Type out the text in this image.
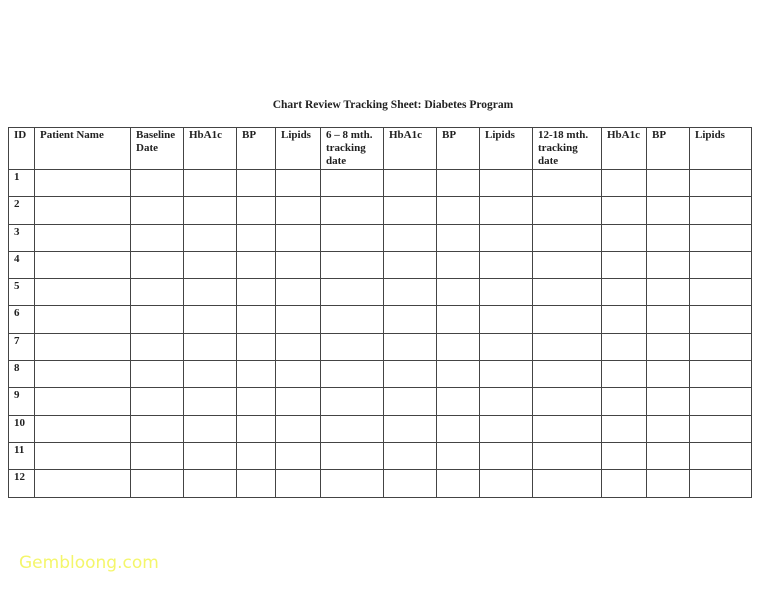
Chart Review Tracking Sheet: Diabetes Program
ID	Patient Name	Baseline Date	HbA1c	BP	Lipids	6 – 8 mth. tracking date	HbA1c	BP	Lipids	12-18 mth. tracking date	HbA1c	BP	Lipids
1													
2													
3													
4													
5													
6													
7													
8													
9													
10													
11													
12													
Gembloong.com
